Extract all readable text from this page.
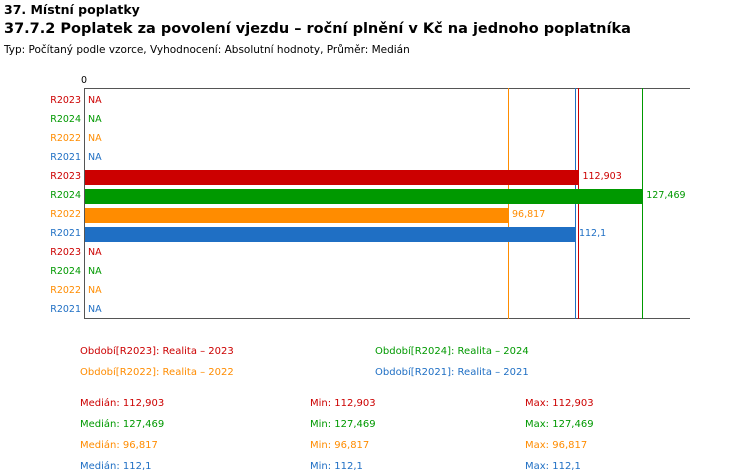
37. Místní poplatky
37.7.2 Poplatek za povolení vjezdu – roční plnění v Kč na jednoho poplatníka
Typ: Počítaný podle vzorce, Vyhodnocení: Absolutní hodnoty, Průměr: Medián
0
R2023 NA
R2024 NA
R2022 NA
R2021 NA
R2023	112,903
R2024	127,469
R2022	96,817
R2021	112,1
R2023 NA
R2024 NA
R2022 NA
R2021 NA
Období[R2023]: Realita – 2023	Období[R2024]: Realita – 2024
Období[R2022]: Realita – 2022	Období[R2021]: Realita – 2021
Medián: 112,903	Min: 112,903	Max: 112,903
Medián: 127,469	Min: 127,469	Max: 127,469
Medián: 96,817	Min: 96,817	Max: 96,817
Medián: 112,1	Min: 112,1	Max: 112,1
